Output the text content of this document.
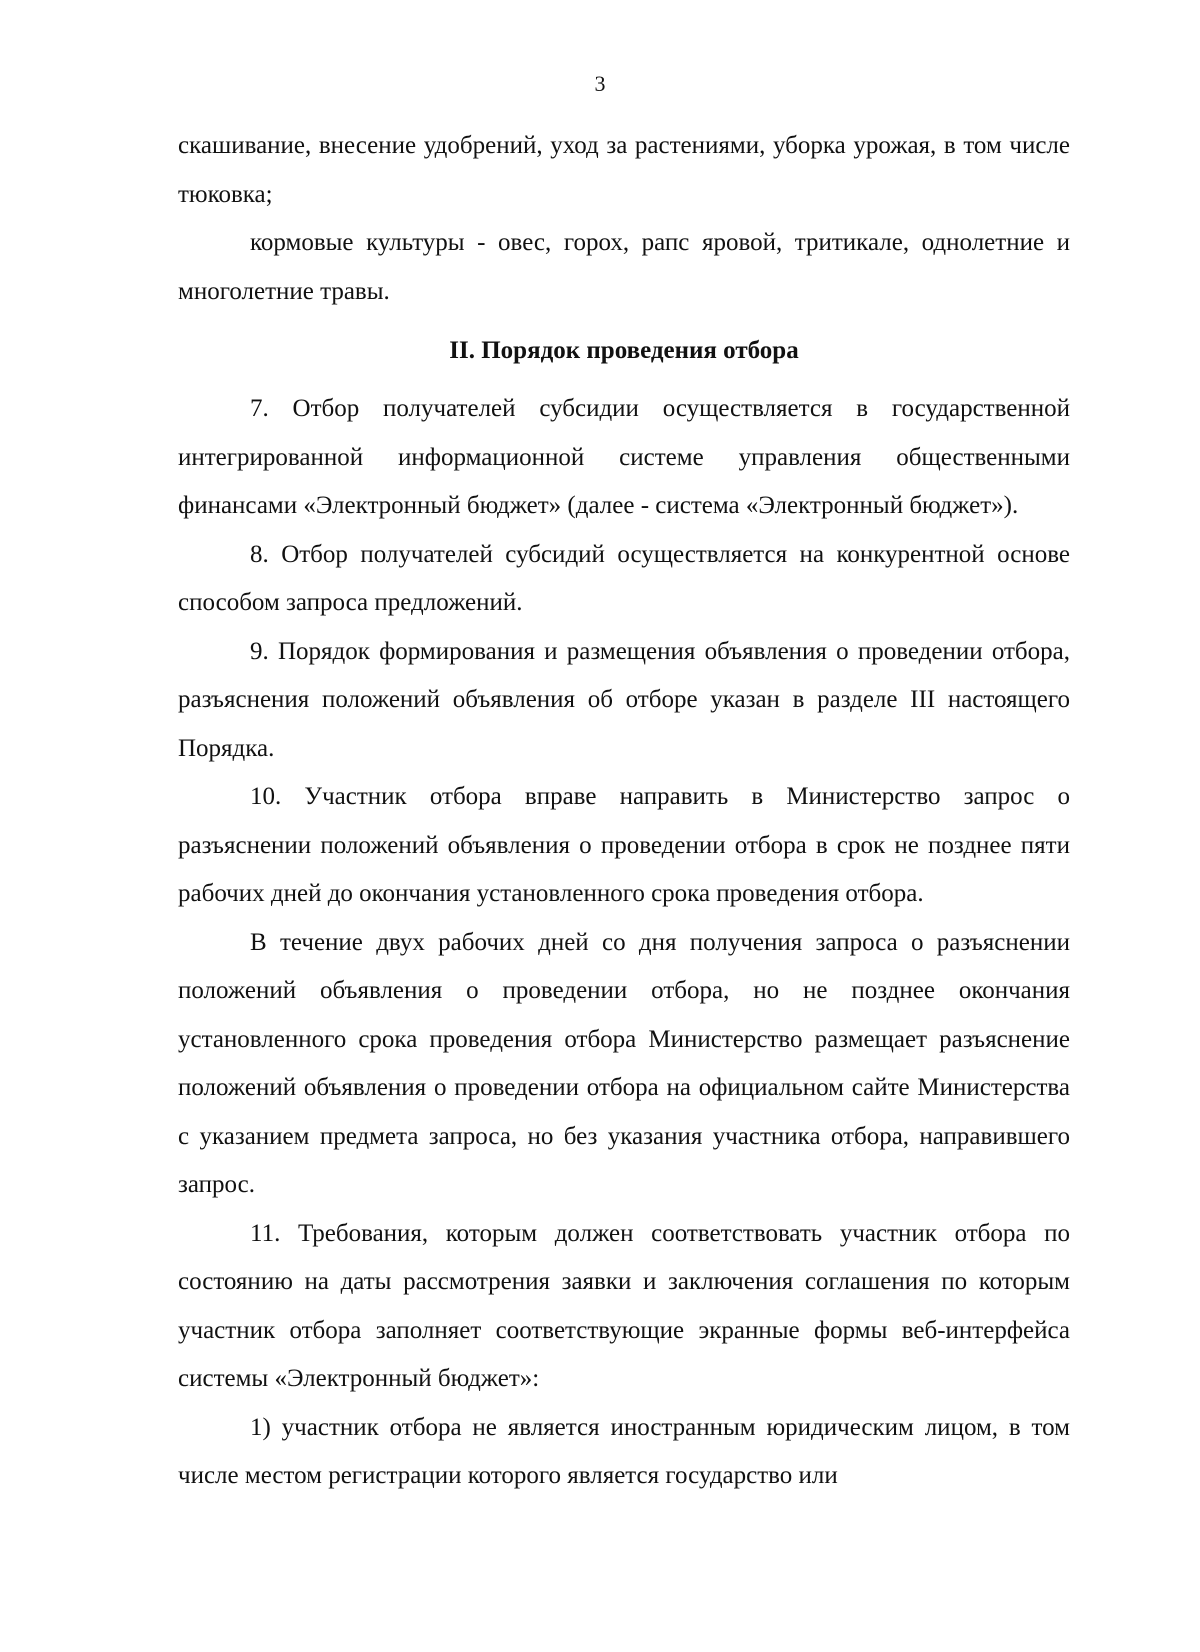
3

скашивание, внесение удобрений, уход за растениями, уборка урожая, в том числе тюковка;

кормовые культуры - овес, горох, рапс яровой, тритикале, однолетние и многолетние травы.

II. Порядок проведения отбора

7. Отбор получателей субсидии осуществляется в государственной интегрированной информационной системе управления общественными финансами «Электронный бюджет» (далее - система «Электронный бюджет»).

8. Отбор получателей субсидий осуществляется на конкурентной основе способом запроса предложений.

9. Порядок формирования и размещения объявления о проведении отбора, разъяснения положений объявления об отборе указан в разделе III настоящего Порядка.

10. Участник отбора вправе направить в Министерство запрос о разъяснении положений объявления о проведении отбора в срок не позднее пяти рабочих дней до окончания установленного срока проведения отбора.

В течение двух рабочих дней со дня получения запроса о разъяснении положений объявления о проведении отбора, но не позднее окончания установленного срока проведения отбора Министерство размещает разъяснение положений объявления о проведении отбора на официальном сайте Министерства с указанием предмета запроса, но без указания участника отбора, направившего запрос.

11. Требования, которым должен соответствовать участник отбора по состоянию на даты рассмотрения заявки и заключения соглашения по которым участник отбора заполняет соответствующие экранные формы веб-интерфейса системы «Электронный бюджет»:

1) участник отбора не является иностранным юридическим лицом, в том числе местом регистрации которого является государство или
